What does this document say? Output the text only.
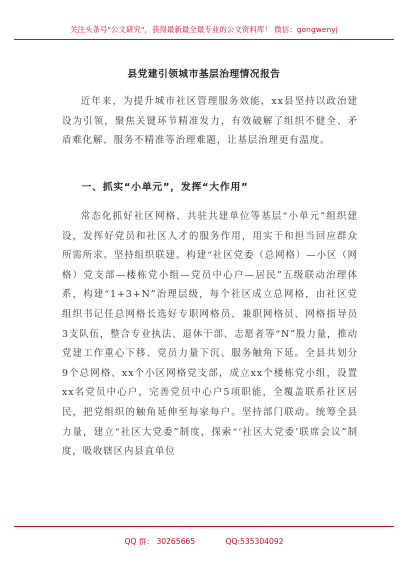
关注头条号"公文研究"，获得最新最全最专业的公文资料库！ 微信：gongwenyj
县党建引领城市基层治理情况报告
近年来，为提升城市社区管理服务效能，xx县坚持以政治建设为引领，聚焦关键环节精准发力，有效破解了组织不健全、矛盾难化解、服务不精准等治理难题，让基层治理更有温度。
一、抓实“小单元”，发挥“大作用”
常态化抓好社区网格、共驻共建单位等基层“小单元”组织建设，发挥好党员和社区人才的服务作用，用实干和担当回应群众所需所求。坚持组织联建。构建“社区党委（总网格）—小区（网格）党支部—楼栋党小组—党员中心户—居民”五级联动治理体系，构建“1+3+N”治理层级，每个社区成立总网格，由社区党组织书记任总网格长选好专职网格员、兼职网格员、网格指导员3支队伍，整合专业执法、退休干部、志愿者等“N”股力量，推动党建工作重心下移、党员力量下沉、服务触角下延。全县共划分9个总网格、xx个小区网格党支部，成立xx个楼栋党小组，设置xx名党员中心户，完善党员中心户5项职能，全覆盖联系社区居民，把党组织的触角延伸至每家每户。坚持部门联动。统筹全县力量，建立“社区大党委”制度，探索“‘社区大党委’联席会议”制度，吸收辖区内县直单位
QQ 群： 30265665	QQ:535304092
